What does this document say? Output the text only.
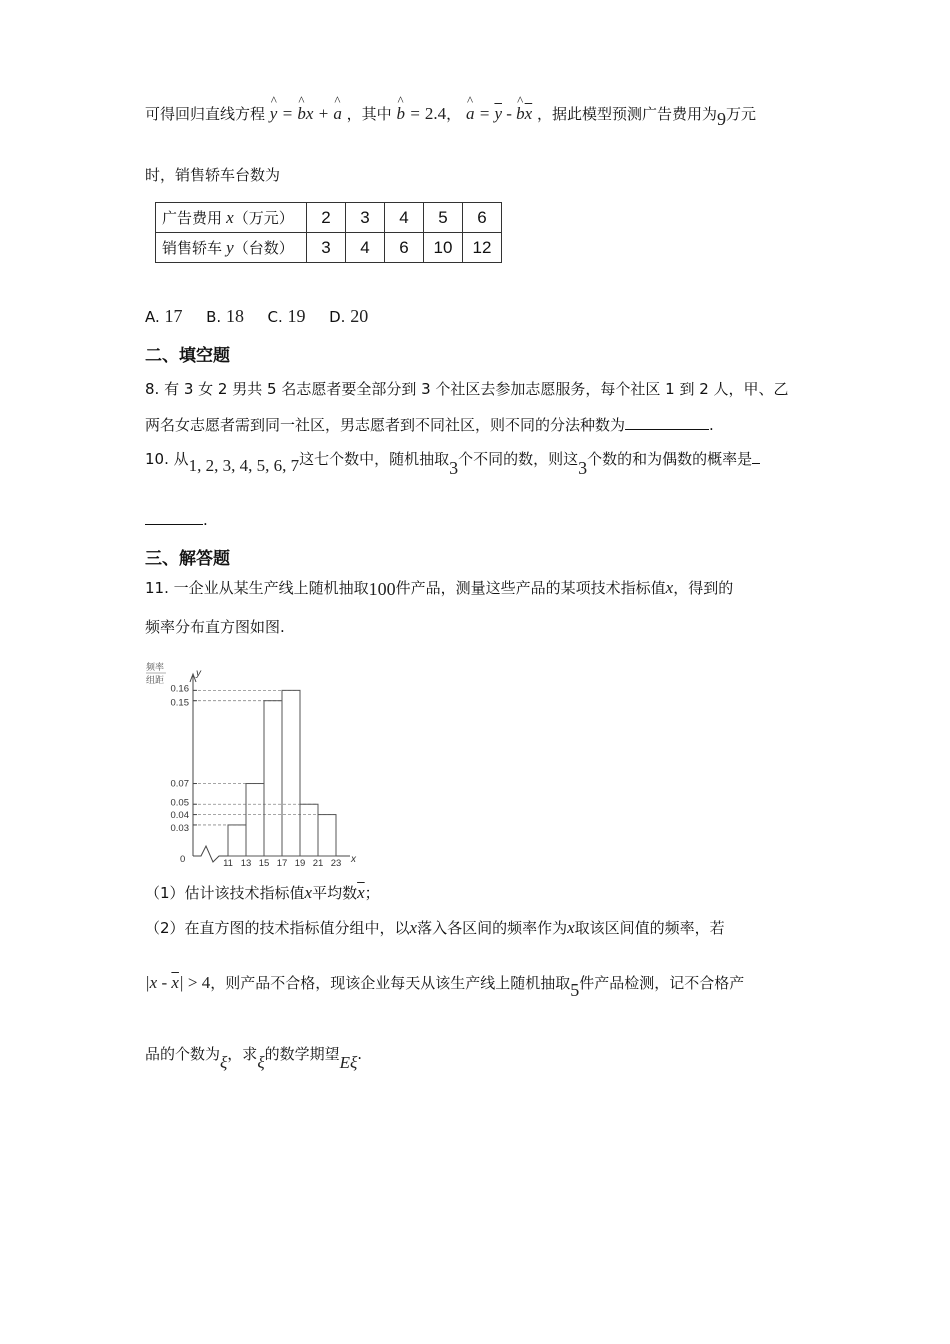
可得回归直线方程 ^ y = ^ bx + ^ a ，其中 ^ b = 2.4， ^ $a = \overline{y}$ - ^ $b\overline{x}$ ，据此模型预测广告费用为9万元
时，销售轿车台数为
广告费用 x（万元）	2	3	4	5	6
销售轿车 y（台数）	3	4	6	10	12
A. 17 B. 18 C. 19 D. 20
二、填空题
8. 有 3 女 2 男共 5 名志愿者要全部分到 3 个社区去参加志愿服务，每个社区 1 到 2 人，甲、乙
两名女志愿者需到同一社区，男志愿者到不同社区，则不同的分法种数为	.
10. 从1, 2, 3, 4, 5, 6, 7这七个数中，随机抽取3个不同的数，则这3个数的和为偶数的概率是
.
三、解答题
11. 一企业从某生产线上随机抽取100件产品，测量这些产品的某项技术指标值x，得到的
频率分布直方图如图.
0.16
0.15
0.07
0.05
0.04
0.03
11 13 15 17 19 21 23
0	x
y
频率
组距
（1）估计该技术指标值x平均数$\overline{x}$；
（2）在直方图的技术指标值分组中，以x落入各区间的频率作为x取该区间值的频率，若
$|x - \overline{x}| > 4$，则产品不合格，现该企业每天从该生产线上随机抽取5件产品检测，记不合格产
品的个数为ξ，求ξ的数学期望Eξ.
